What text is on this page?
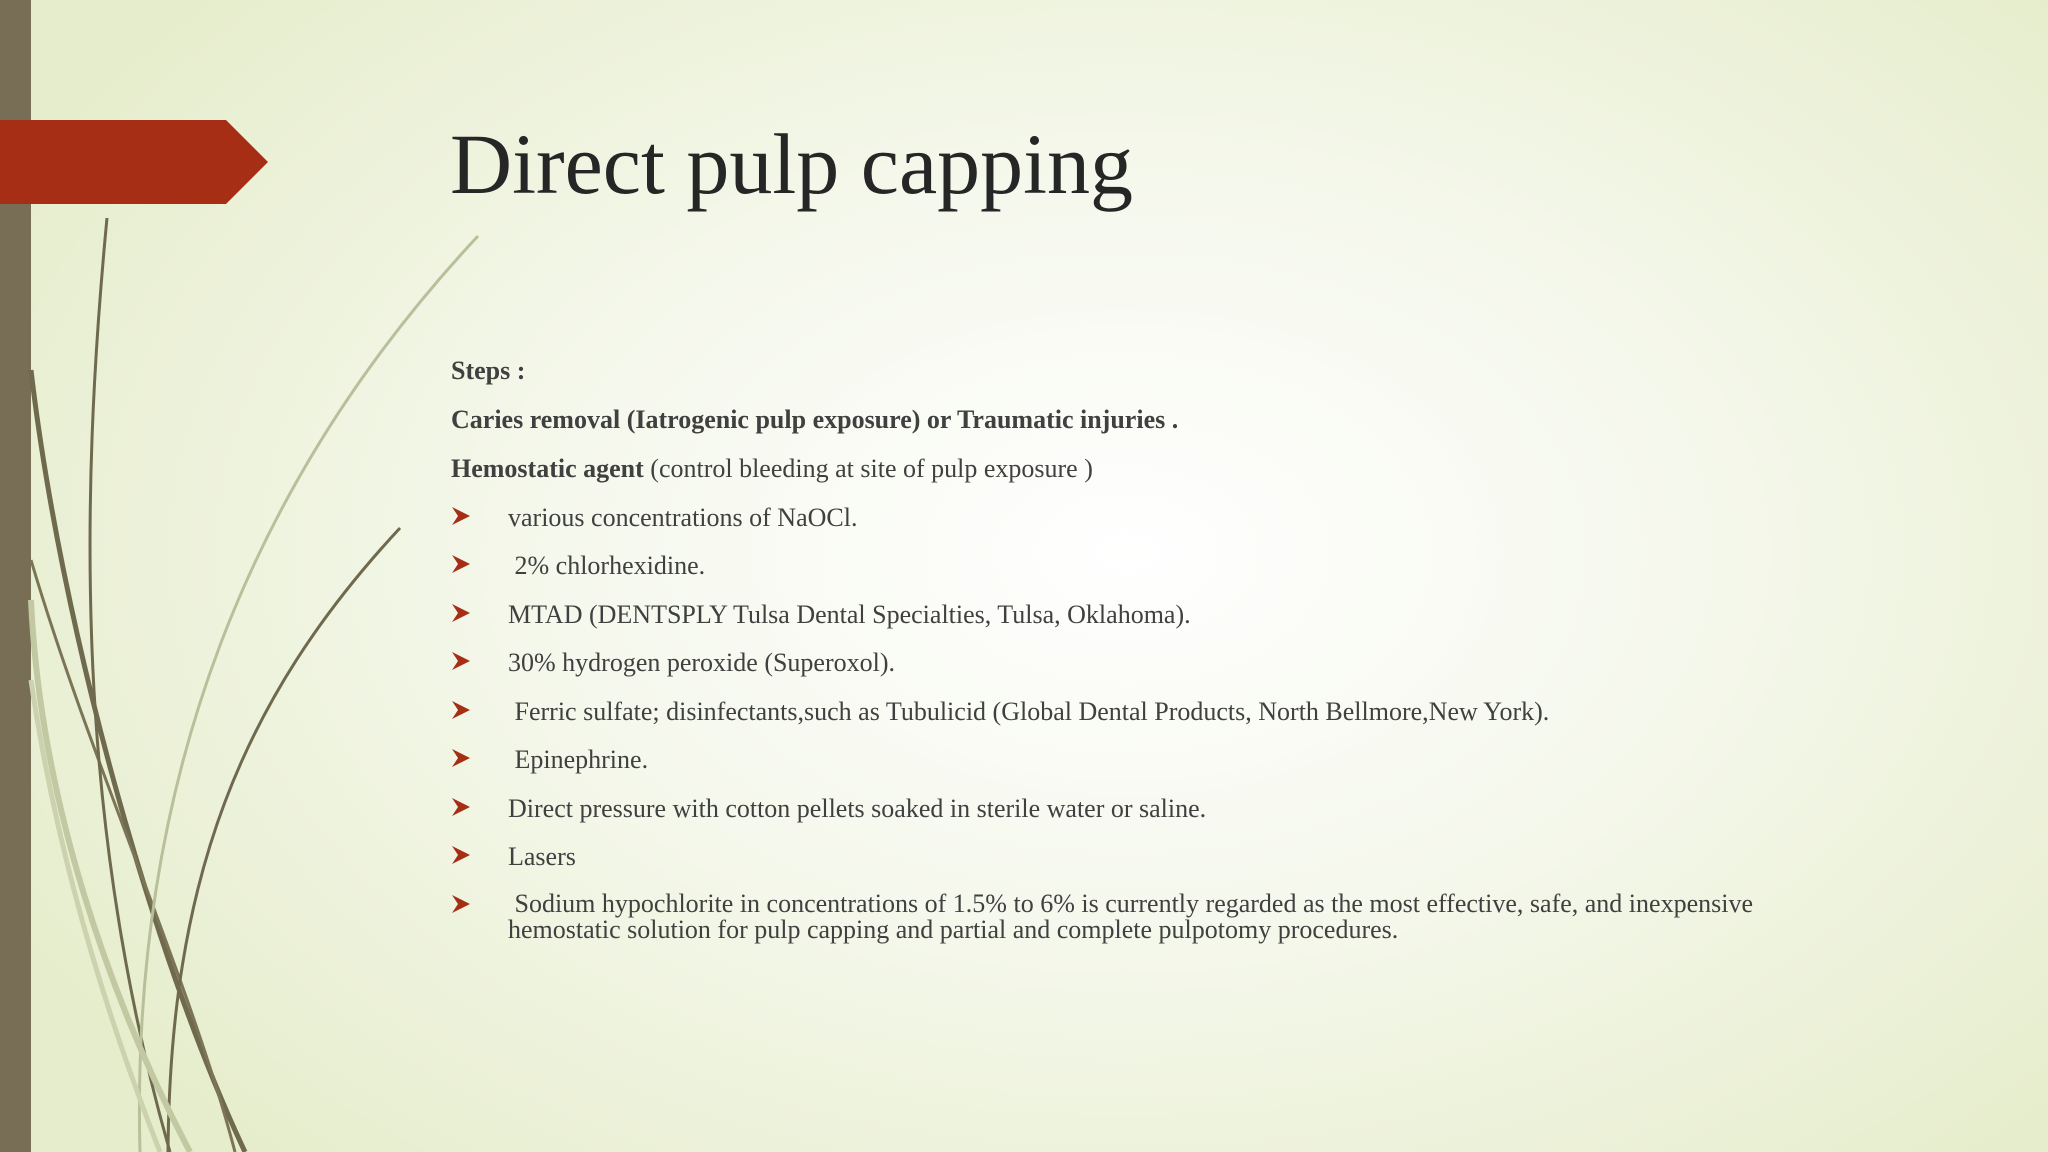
Direct pulp capping

Steps :

Caries removal (Iatrogenic pulp exposure) or Traumatic injuries .

Hemostatic agent (control bleeding at site of pulp exposure )

various concentrations of NaOCl.
2% chlorhexidine.
MTAD (DENTSPLY Tulsa Dental Specialties, Tulsa, Oklahoma).
30% hydrogen peroxide (Superoxol).
Ferric sulfate; disinfectants,such as Tubulicid (Global Dental Products, North Bellmore,New York).
Epinephrine.
Direct pressure with cotton pellets soaked in sterile water or saline.
Lasers
Sodium hypochlorite in concentrations of 1.5% to 6% is currently regarded as the most effective, safe, and inexpensive hemostatic solution for pulp capping and partial and complete pulpotomy procedures.
